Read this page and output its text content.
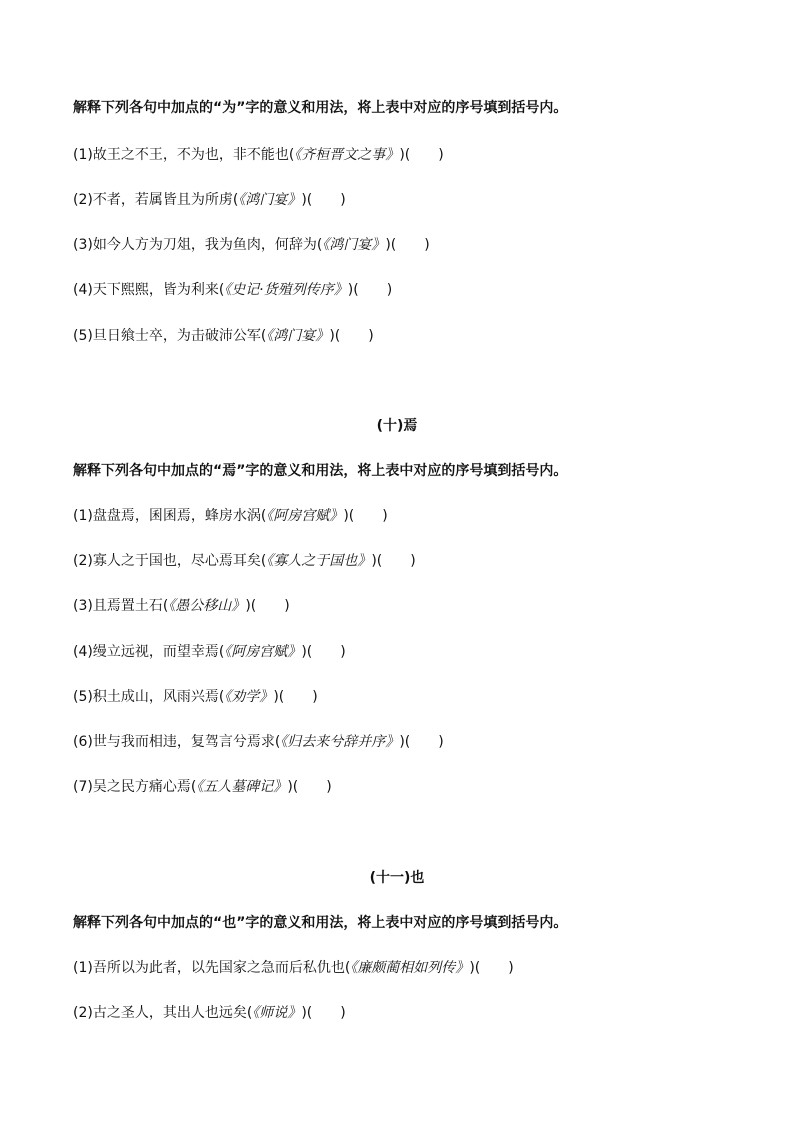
解释下列各句中加点的“为”字的意义和用法，将上表中对应的序号填到括号内。
(1)故王之不王，不为也，非不能也(《齐桓晋文之事》)(　　)
(2)不者，若属皆且为所虏(《鸿门宴》)(　　)
(3)如今人方为刀俎，我为鱼肉，何辞为(《鸿门宴》)(　　)
(4)天下熙熙，皆为利来(《史记·货殖列传序》)(　　)
(5)旦日飨士卒，为击破沛公军(《鸿门宴》)(　　)
(十)焉
解释下列各句中加点的“焉”字的意义和用法，将上表中对应的序号填到括号内。
(1)盘盘焉，囷囷焉，蜂房水涡(《阿房宫赋》)(　　)
(2)寡人之于国也，尽心焉耳矣(《寡人之于国也》)(　　)
(3)且焉置土石(《愚公移山》)(　　)
(4)缦立远视，而望幸焉(《阿房宫赋》)(　　)
(5)积土成山，风雨兴焉(《劝学》)(　　)
(6)世与我而相违，复驾言兮焉求(《归去来兮辞并序》)(　　)
(7)吴之民方痛心焉(《五人墓碑记》)(　　)
(十一)也
解释下列各句中加点的“也”字的意义和用法，将上表中对应的序号填到括号内。
(1)吾所以为此者，以先国家之急而后私仇也(《廉颇蔺相如列传》)(　　)
(2)古之圣人，其出人也远矣(《师说》)(　　)
